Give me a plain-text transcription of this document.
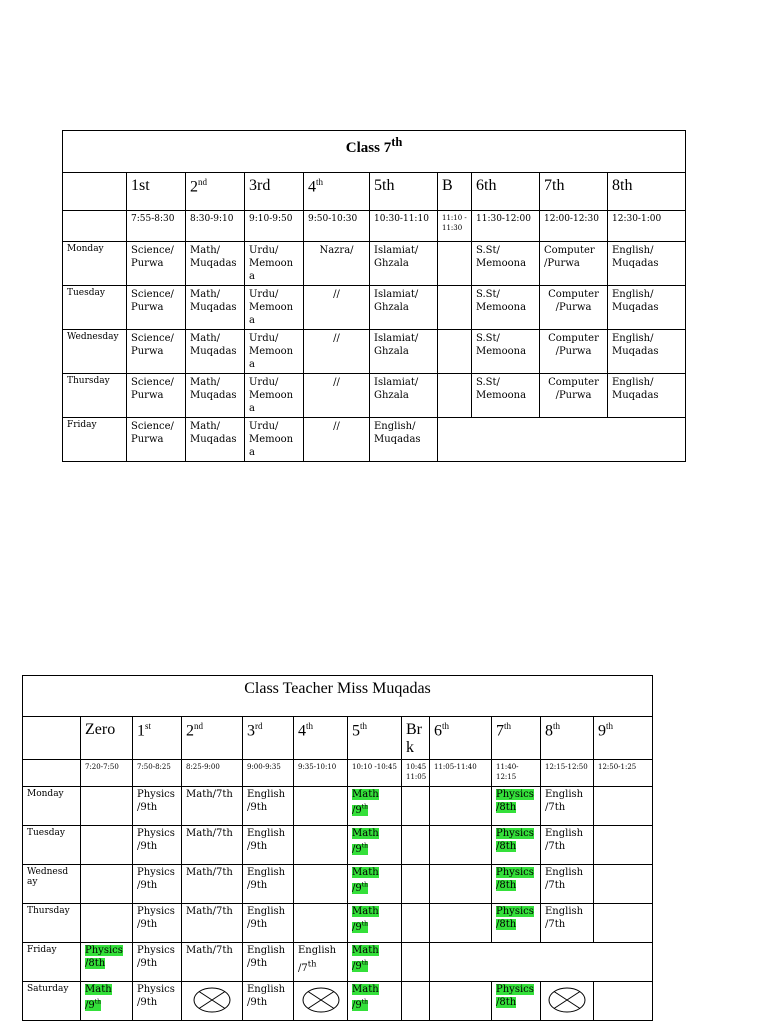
Class 7th
	1st	2nd	3rd	4th	5th	B	6th	7th	8th
	7:55-8:30	8:30-9:10	9:10-9:50	9:50-10:30	10:30-11:10	11:10 - 11:30	11:30-12:00	12:00-12:30	12:30-1:00
Monday	Science/ Purwa	Math/ Muqadas	Urdu/ Memoon a	Nazra/	Islamiat/ Ghzala		S.St/ Memoona	Computer /Purwa	English/ Muqadas
Tuesday	Science/ Purwa	Math/ Muqadas	Urdu/ Memoon a	//	Islamiat/ Ghzala		S.St/ Memoona	Computer /Purwa	English/ Muqadas
Wednesday	Science/ Purwa	Math/ Muqadas	Urdu/ Memoon a	//	Islamiat/ Ghzala		S.St/ Memoona	Computer /Purwa	English/ Muqadas
Thursday	Science/ Purwa	Math/ Muqadas	Urdu/ Memoon a	//	Islamiat/ Ghzala		S.St/ Memoona	Computer /Purwa	English/ Muqadas
Friday	Science/ Purwa	Math/ Muqadas	Urdu/ Memoon a	//	English/ Muqadas				
Class Teacher Miss Muqadas											
	Zero	1st	2nd	3rd	4th	5th	Br k	6th	7th	8th	9th
	7:20-7:50	7:50-8:25	8:25-9:00	9:00-9:35	9:35-10:10	10:10 -10:45	10:45 11:05	11:05-11:40	11:40- 12:15	12:15-12:50	12:50-1:25
Monday		Physics /9th	Math/7th	English /9th		Math /9th			Physics /8th	English /7th	
Tuesday		Physics /9th	Math/7th	English /9th		Math /9th			Physics /8th	English /7th	
Wednesd ay		Physics /9th	Math/7th	English /9th		Math /9th			Physics /8th	English /7th	
Thursday		Physics /9th	Math/7th	English /9th		Math /9th			Physics /8th	English /7th	
Friday	Physics /8th	Physics /9th	Math/7th	English /9th	English /7th	Math /9th		
Saturday	Math /9th	Physics /9th		English /9th		Math /9th			Physics /8th	
